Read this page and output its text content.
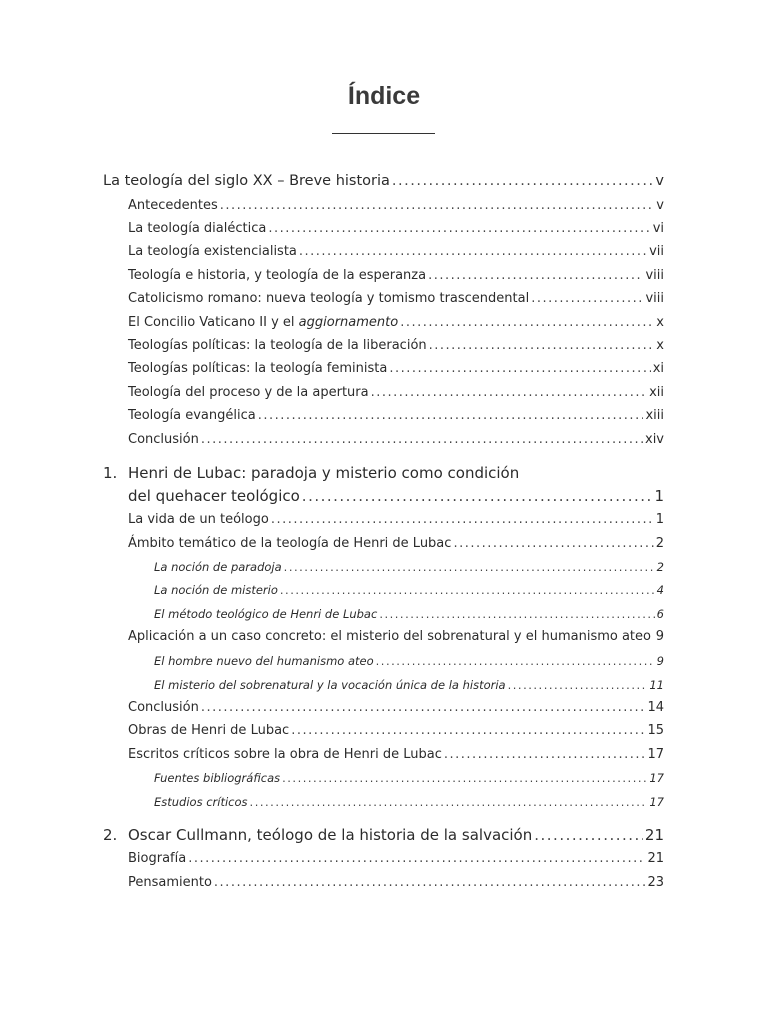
Índice
La teología del siglo XX – Breve historia .....	v
Antecedentes .....	v
La teología dialéctica .....	vi
La teología existencialista .....	vii
Teología e historia, y teología de la esperanza .....	viii
Catolicismo romano: nueva teología y tomismo trascendental .....	viii
El Concilio Vaticano II y el aggiornamento .....	x
Teologías políticas: la teología de la liberación .....	x
Teologías políticas: la teología feminista .....	xi
Teología del proceso y de la apertura .....	xii
Teología evangélica .....	xiii
Conclusión .....	xiv
1. Henri de Lubac: paradoja y misterio como condición
del quehacer teológico .....	1
La vida de un teólogo .....	1
Ámbito temático de la teología de Henri de Lubac .....	2
La noción de paradoja .....	2
La noción de misterio .....	4
El método teológico de Henri de Lubac .....	6
Aplicación a un caso concreto: el misterio del sobrenatural y el humanismo ateo ..... 9
El hombre nuevo del humanismo ateo .....	9
El misterio del sobrenatural y la vocación única de la historia .....	11
Conclusión .....	14
Obras de Henri de Lubac .....	15
Escritos críticos sobre la obra de Henri de Lubac .....	17
Fuentes bibliográficas .....	17
Estudios críticos .....	17
2. Oscar Cullmann, teólogo de la historia de la salvación .....	21
Biografía .....	21
Pensamiento .....	23
